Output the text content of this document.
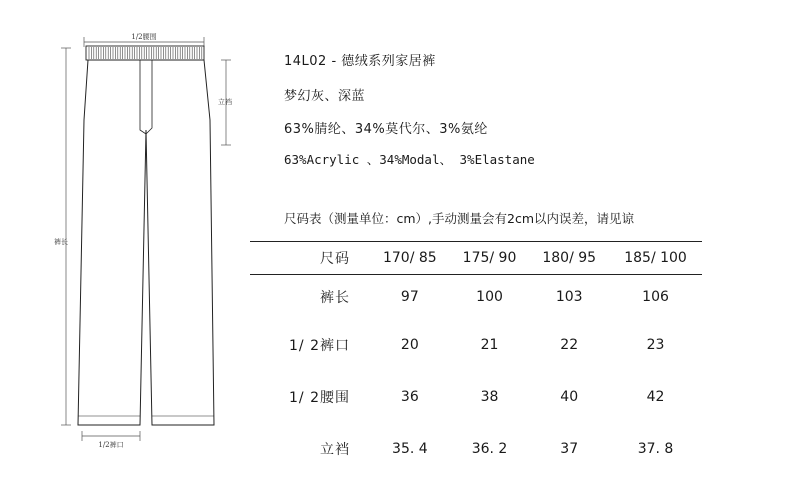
1/2腰围
立裆
裤长
1/2裤口
14L02 - 德绒系列家居裤
梦幻灰、深蓝
63%腈纶、34%莫代尔、3%氨纶
63%Acrylic 、34%Modal、 3%Elastane
尺码表（测量单位：cm）,手动测量会有2cm以内误差，请见谅
尺码	170/ 85	175/ 90	180/ 95	185/ 100
裤长	97	100	103	106
1/ 2裤口	20	21	22	23
1/ 2腰围	36	38	40	42
立裆	35. 4	36. 2	37	37. 8
